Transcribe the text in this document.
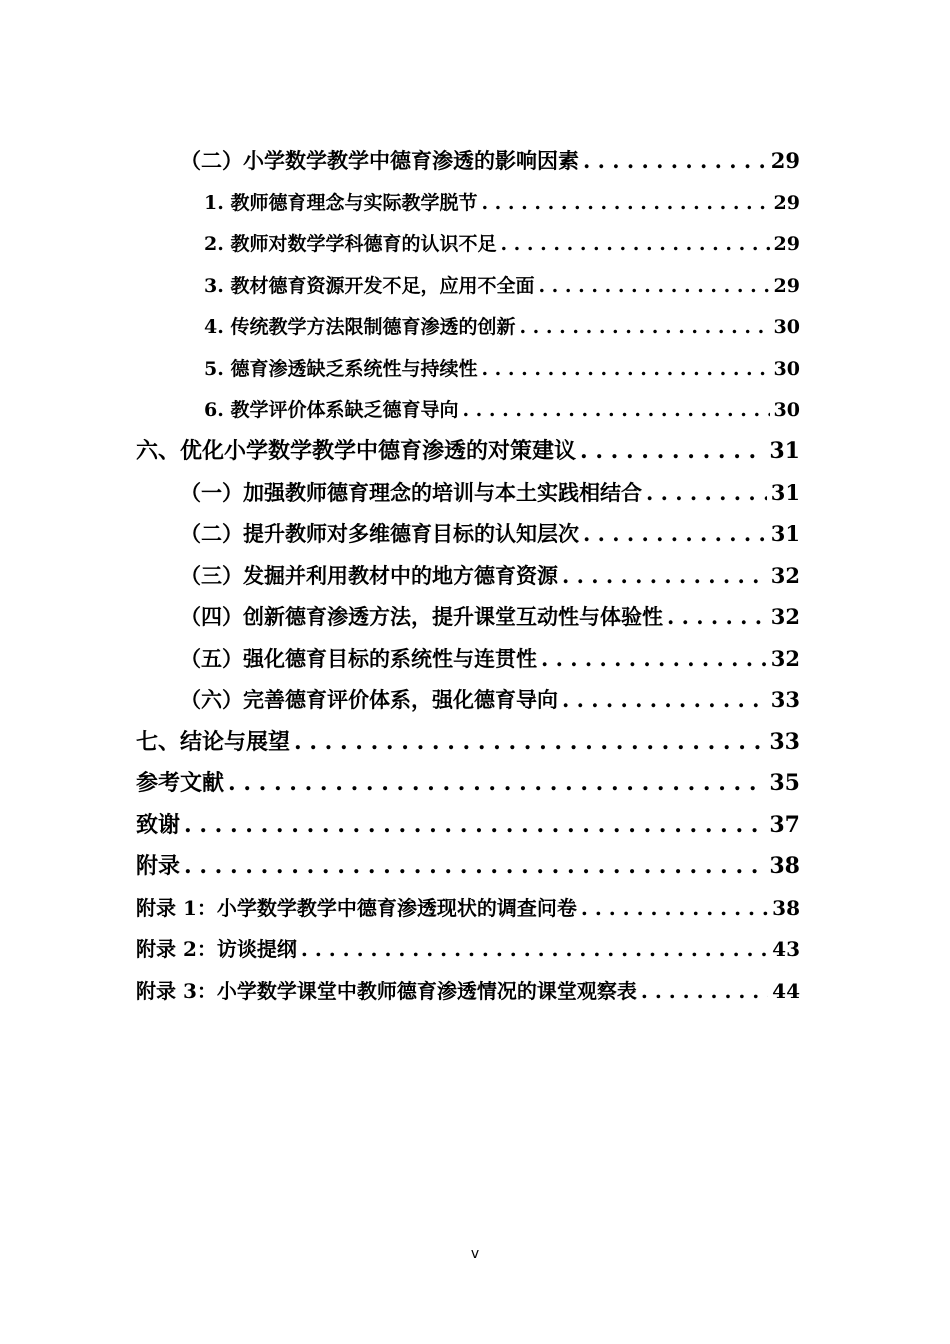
（二）小学数学教学中德育渗透的影响因素 . . .	29
1. 教师德育理念与实际教学脱节 . . .	29
2. 教师对数学学科德育的认识不足 . . .	29
3. 教材德育资源开发不足，应用不全面 . . .	29
4. 传统教学方法限制德育渗透的创新 . . .	30
5. 德育渗透缺乏系统性与持续性 . . .	30
6. 教学评价体系缺乏德育导向 . . .	30
六、优化小学数学教学中德育渗透的对策建议 . . .	31
（一）加强教师德育理念的培训与本土实践相结合 . . .	31
（二）提升教师对多维德育目标的认知层次 . . .	31
（三）发掘并利用教材中的地方德育资源 . . .	32
（四）创新德育渗透方法，提升课堂互动性与体验性 . . .	32
（五）强化德育目标的系统性与连贯性 . . .	32
（六）完善德育评价体系，强化德育导向 . . .	33
七、结论与展望 . . .	33
参考文献 . . .	35
致谢 . . .	37
附录 . . .	38
附录 1：小学数学教学中德育渗透现状的调查问卷 . . .	38
附录 2：访谈提纲 . . .	43
附录 3：小学数学课堂中教师德育渗透情况的课堂观察表 . . .	44
v
